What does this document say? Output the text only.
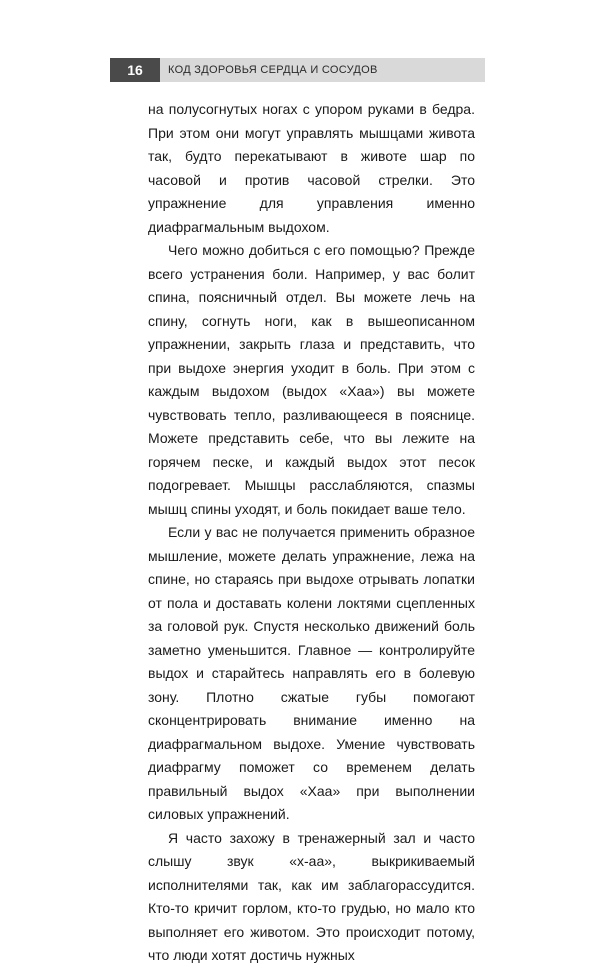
16	КОД ЗДОРОВЬЯ СЕРДЦА И СОСУДОВ

на полусогнутых ногах с упором руками в бедра. При этом они могут управлять мышцами живота так, будто перекатывают в животе шар по часовой и против часовой стрелки. Это упражнение для управления именно диафрагмальным выдохом.

Чего можно добиться с его помощью? Прежде всего устранения боли. Например, у вас болит спина, поясничный отдел. Вы можете лечь на спину, согнуть ноги, как в вышеописанном упражнении, закрыть глаза и представить, что при выдохе энергия уходит в боль. При этом с каждым выдохом (выдох «Хаа») вы можете чувствовать тепло, разливающееся в пояснице. Можете представить себе, что вы лежите на горячем песке, и каждый выдох этот песок подогревает. Мышцы расслабляются, спазмы мышц спины уходят, и боль покидает ваше тело.

Если у вас не получается применить образное мышление, можете делать упражнение, лежа на спине, но стараясь при выдохе отрывать лопатки от пола и доставать колени локтями сцепленных за головой рук. Спустя несколько движений боль заметно уменьшится. Главное — контролируйте выдох и старайтесь направлять его в болевую зону. Плотно сжатые губы помогают сконцентрировать внимание именно на диафрагмальном выдохе. Умение чувствовать диафрагму поможет со временем делать правильный выдох «Хаа» при выполнении силовых упражнений.

Я часто захожу в тренажерный зал и часто слышу звук «х-аа», выкрикиваемый исполнителями так, как им заблагорассудится. Кто-то кричит горлом, кто-то грудью, но мало кто выполняет его животом. Это происходит потому, что люди хотят достичь нужных
